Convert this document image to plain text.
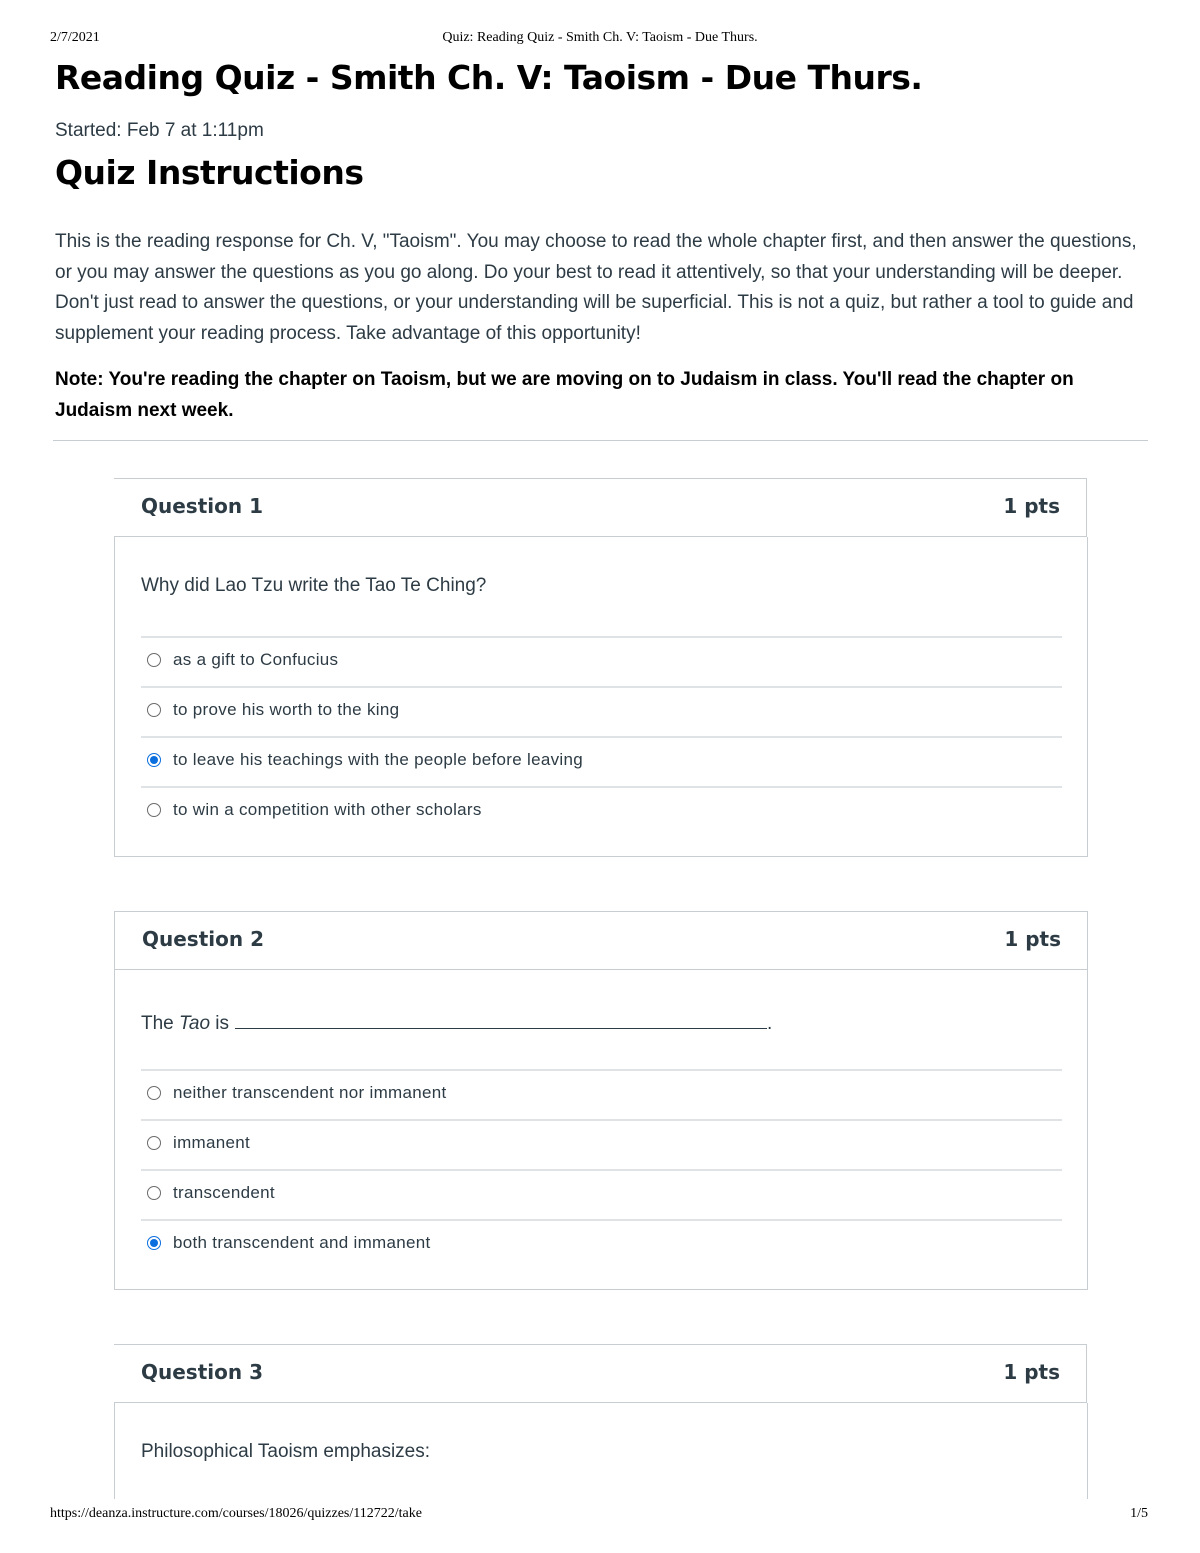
2/7/2021	Quiz: Reading Quiz - Smith Ch. V: Taoism - Due Thurs.
Reading Quiz - Smith Ch. V: Taoism - Due Thurs.
Started: Feb 7 at 1:11pm
Quiz Instructions

This is the reading response for Ch. V, "Taoism". You may choose to read the whole chapter first, and then answer the questions, or you may answer the questions as you go along. Do your best to read it attentively, so that your understanding will be deeper. Don't just read to answer the questions, or your understanding will be superficial. This is not a quiz, but rather a tool to guide and supplement your reading process. Take advantage of this opportunity!

Note: You're reading the chapter on Taoism, but we are moving on to Judaism in class. You'll read the chapter on Judaism next week.

Question 1	1 pts
Why did Lao Tzu write the Tao Te Ching?
as a gift to Confucius
to prove his worth to the king
to leave his teachings with the people before leaving
to win a competition with other scholars
Question 2	1 pts
The Tao is	.
neither transcendent nor immanent
immanent
transcendent
both transcendent and immanent
Question 3	1 pts
Philosophical Taoism emphasizes:
https://deanza.instructure.com/courses/18026/quizzes/112722/take	1/5
